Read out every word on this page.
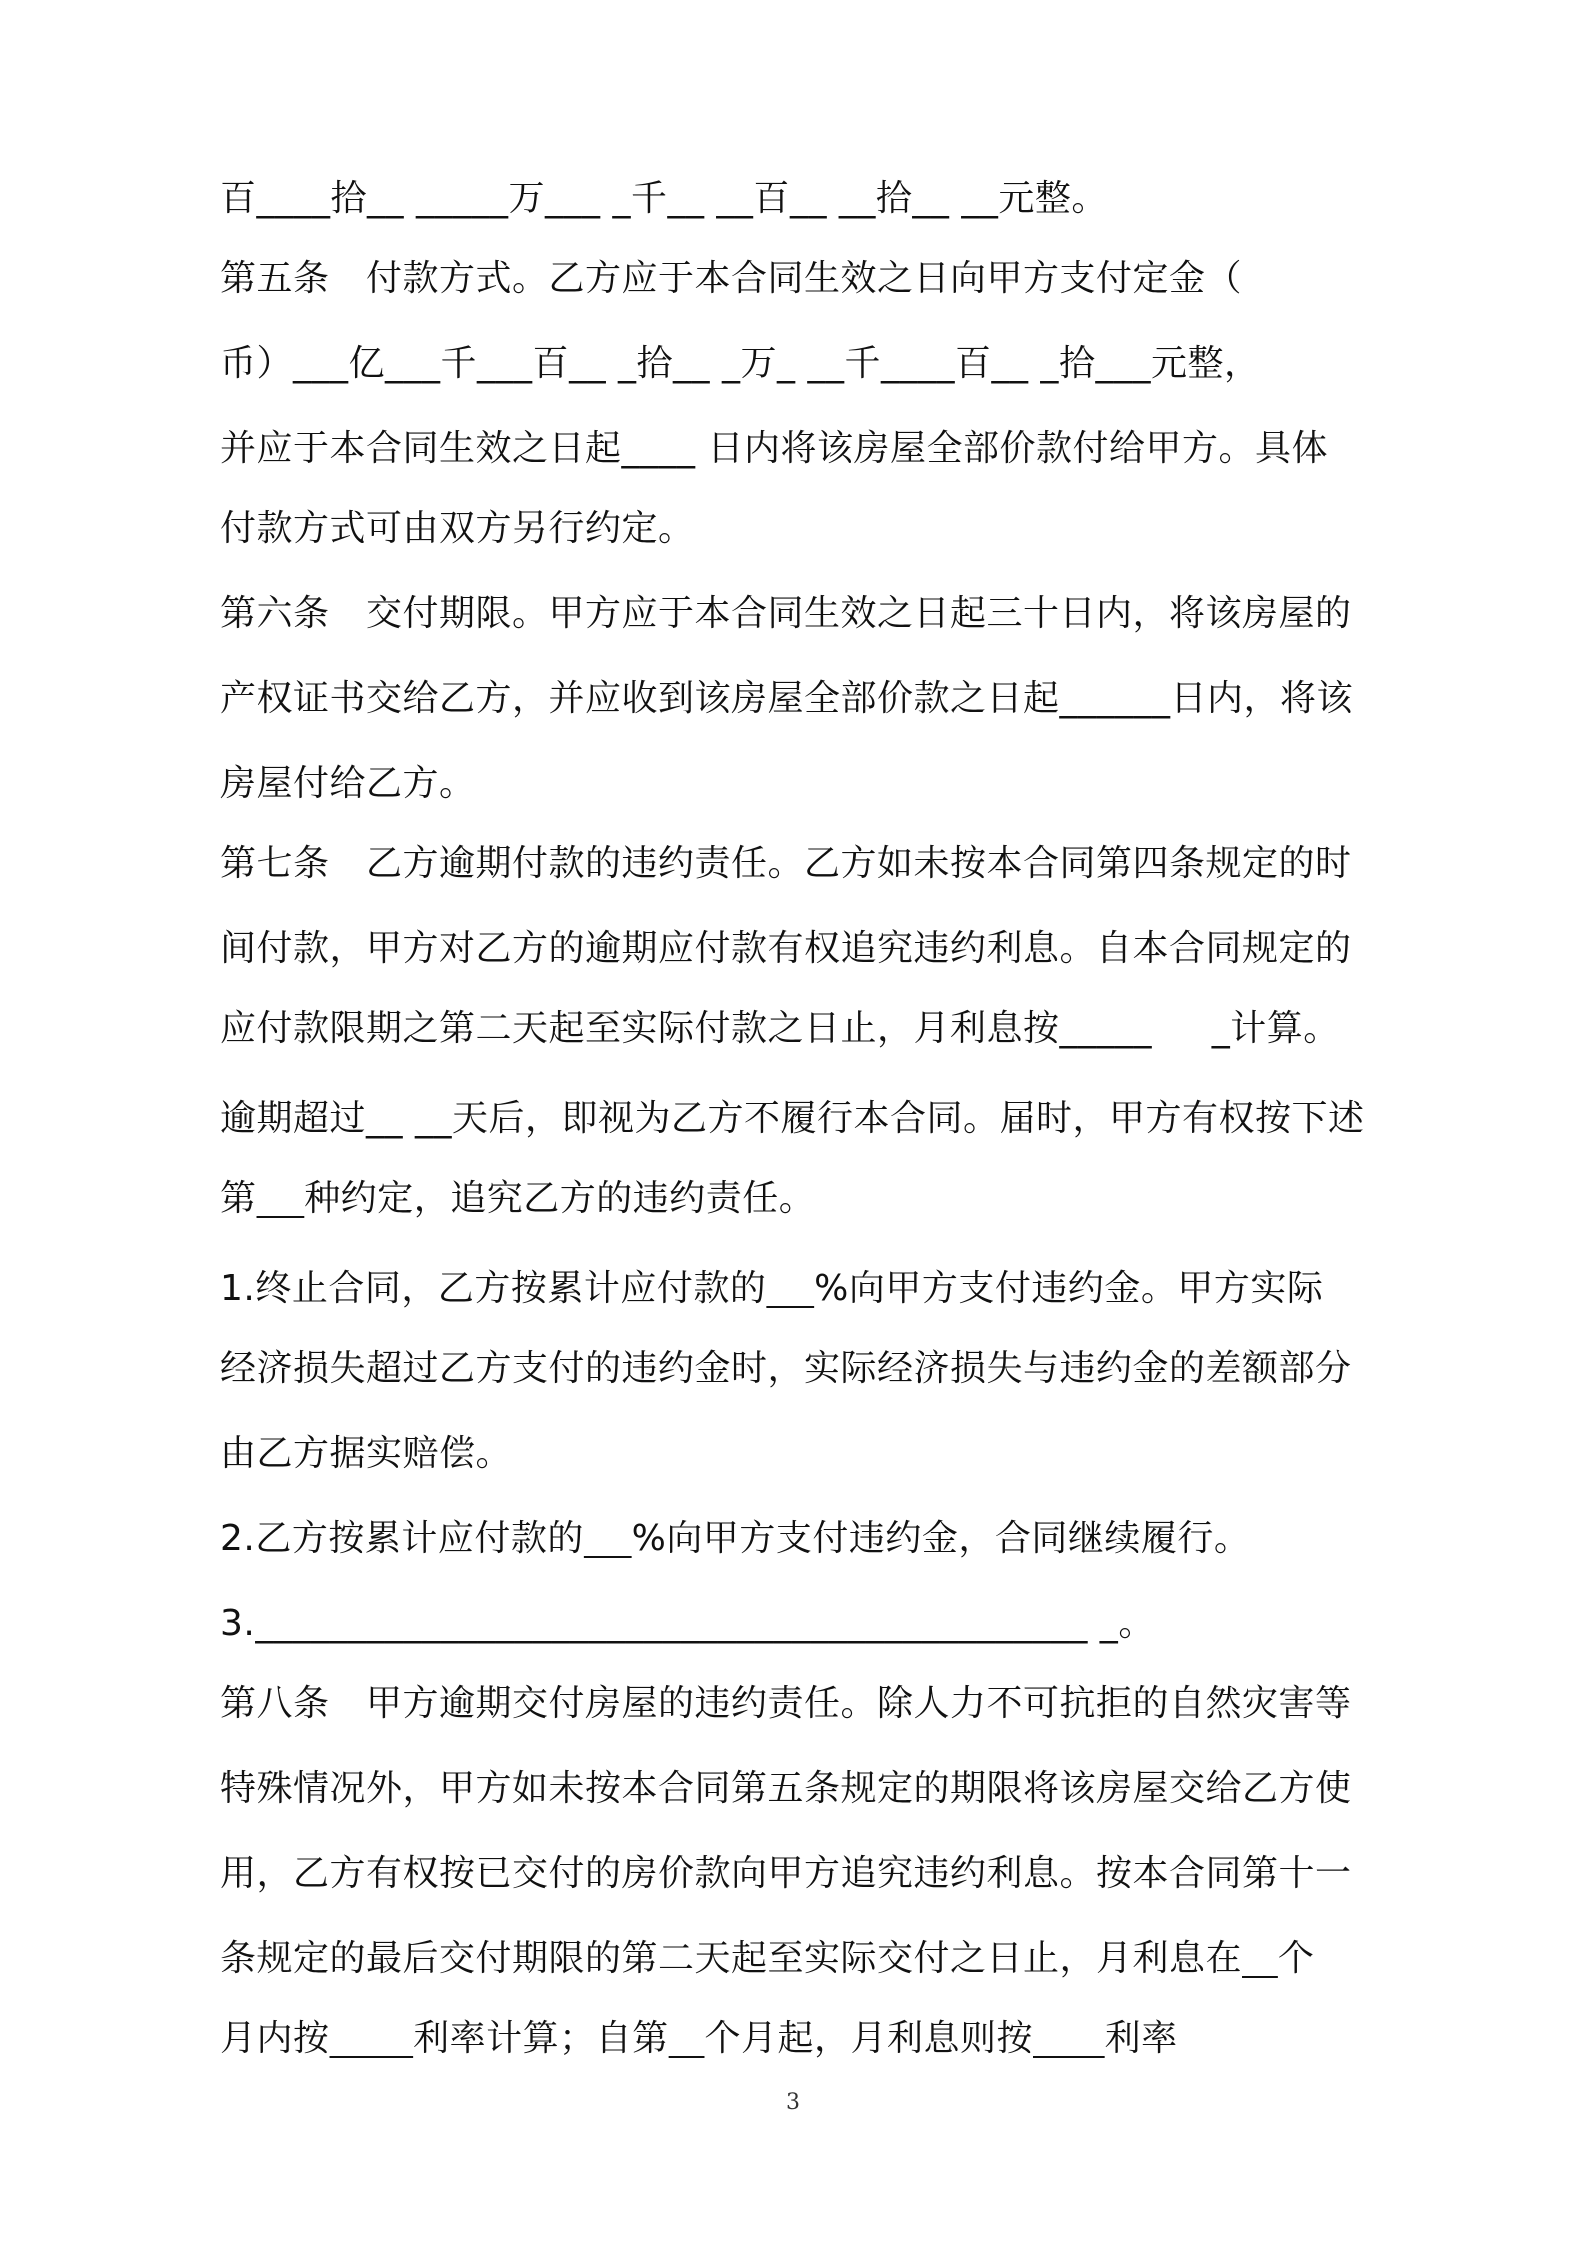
百____拾__ _____万___ _千__ __百__ __拾__ __元整。

第五条　付款方式。乙方应于本合同生效之日向甲方支付定金（

币）___亿___千___百__ _拾__ _万_ __千____百__ _拾___元整，

并应于本合同生效之日起____ 日内将该房屋全部价款付给甲方。具体

付款方式可由双方另行约定。

第六条　交付期限。甲方应于本合同生效之日起三十日内，将该房屋的

产权证书交给乙方，并应收到该房屋全部价款之日起______日内，将该

房屋付给乙方。

第七条　乙方逾期付款的违约责任。乙方如未按本合同第四条规定的时

间付款，甲方对乙方的逾期应付款有权追究违约利息。自本合同规定的

应付款限期之第二天起至实际付款之日止，月利息按_____     _计算。

逾期超过__ __天后，即视为乙方不履行本合同。届时，甲方有权按下述

第 种约定，追究乙方的违约责任。

1.终止合同，乙方按累计应付款的 %向甲方支付违约金。甲方实际

经济损失超过乙方支付的违约金时，实际经济损失与违约金的差额部分

由乙方据实赔偿。

2.乙方按累计应付款的 %向甲方支付违约金，合同继续履行。

3._____________________________________________ _。

第八条　甲方逾期交付房屋的违约责任。除人力不可抗拒的自然灾害等

特殊情况外，甲方如未按本合同第五条规定的期限将该房屋交给乙方使

用，乙方有权按已交付的房价款向甲方追究违约利息。按本合同第十一

条规定的最后交付期限的第二天起至实际交付之日止，月利息在 个

月内按 利率计算；自第 个月起，月利息则按 利率

3
